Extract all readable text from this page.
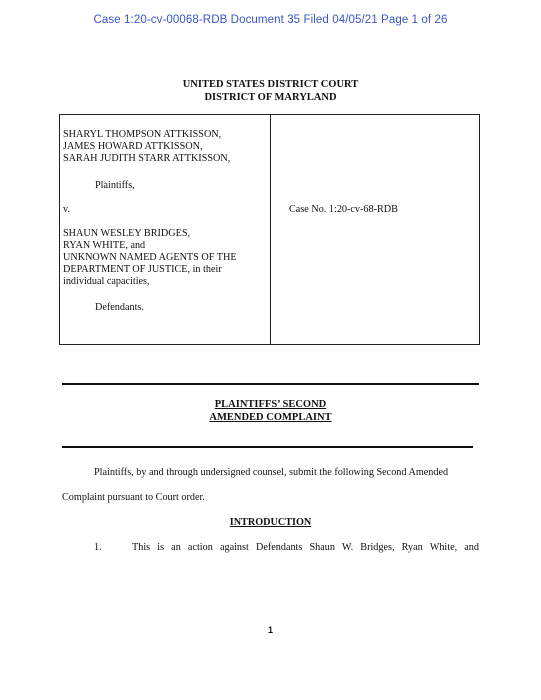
Case 1:20-cv-00068-RDB Document 35 Filed 04/05/21 Page 1 of 26
UNITED STATES DISTRICT COURT
DISTRICT OF MARYLAND
SHARYL THOMPSON ATTKISSON,
JAMES HOWARD ATTKISSON,
SARAH JUDITH STARR ATTKISSON,
Plaintiffs,
v.
SHAUN WESLEY BRIDGES,
RYAN WHITE, and
UNKNOWN NAMED AGENTS OF THE
DEPARTMENT OF JUSTICE, in their
individual capacities,
Defendants.
Case No. 1:20-cv-68-RDB
PLAINTIFFS’ SECOND
AMENDED COMPLAINT
Plaintiffs, by and through undersigned counsel, submit the following Second Amended
Complaint pursuant to Court order.
INTRODUCTION
1.	This is an action against Defendants Shaun W. Bridges, Ryan White, and
1
